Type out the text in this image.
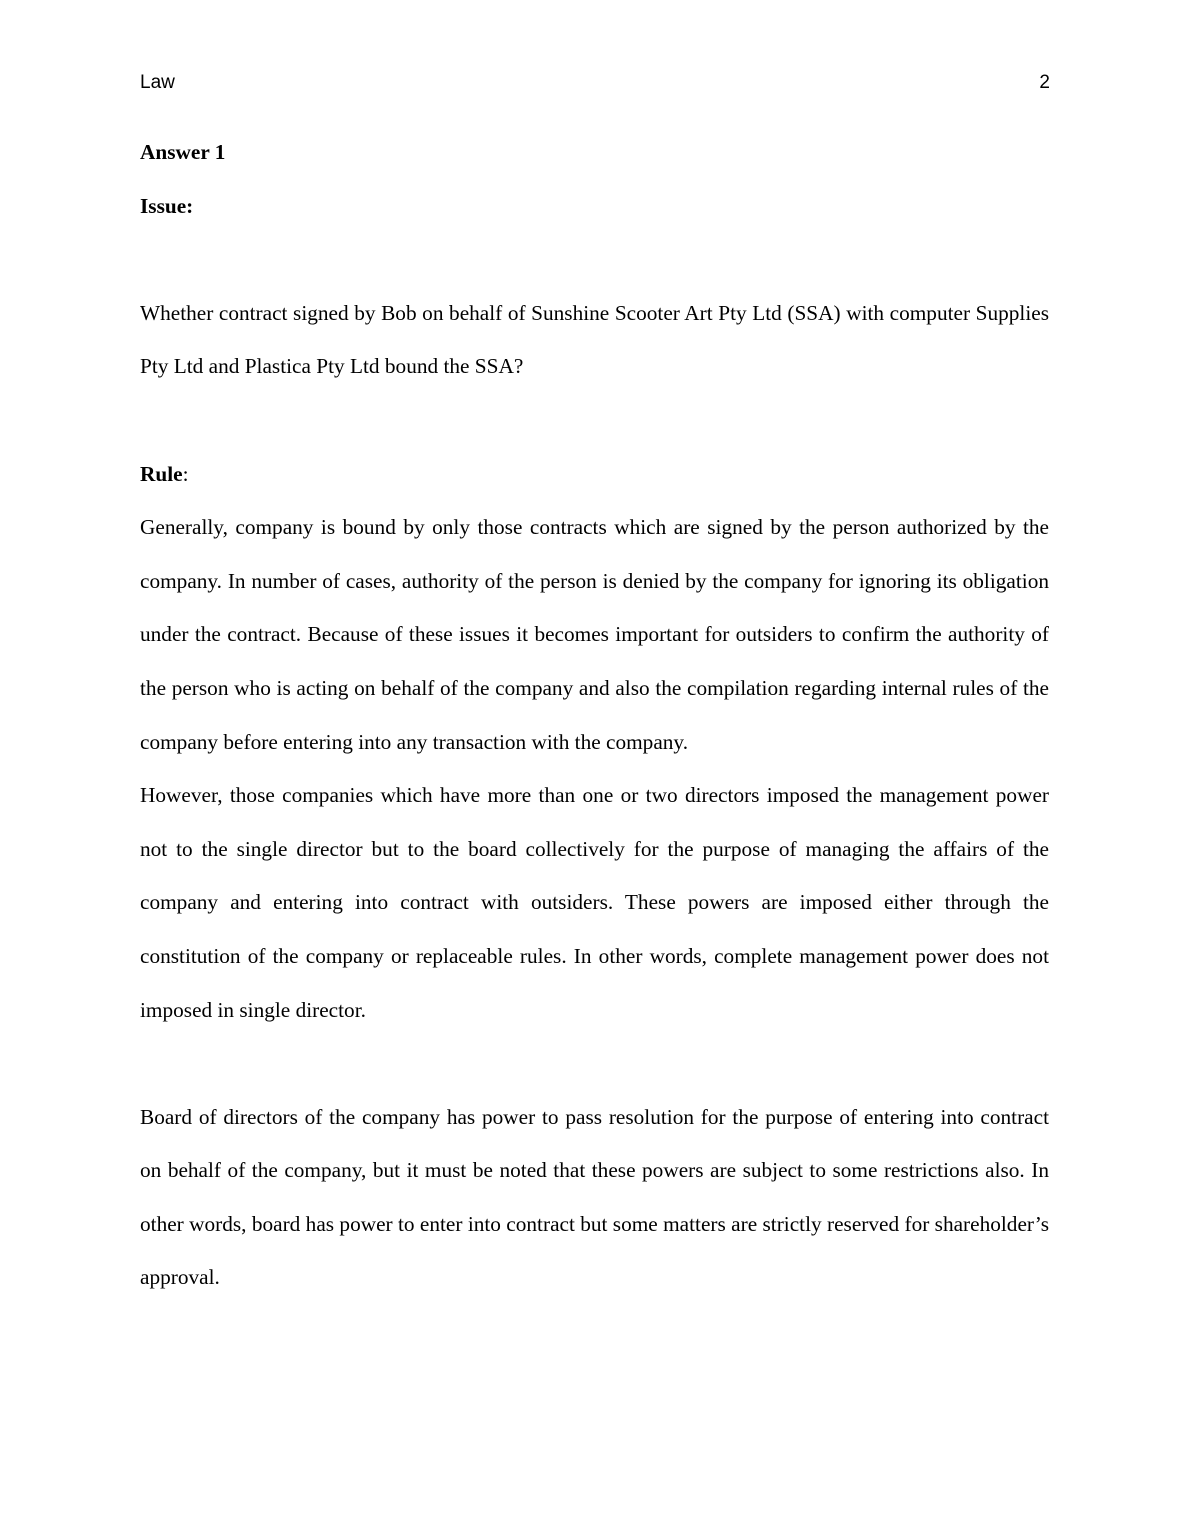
Law	2

Answer 1

Issue:

Whether contract signed by Bob on behalf of Sunshine Scooter Art Pty Ltd (SSA) with computer Supplies Pty Ltd and Plastica Pty Ltd bound the SSA?

Rule:

Generally, company is bound by only those contracts which are signed by the person authorized by the company. In number of cases, authority of the person is denied by the company for ignoring its obligation under the contract. Because of these issues it becomes important for outsiders to confirm the authority of the person who is acting on behalf of the company and also the compilation regarding internal rules of the company before entering into any transaction with the company.

However, those companies which have more than one or two directors imposed the management power not to the single director but to the board collectively for the purpose of managing the affairs of the company and entering into contract with outsiders. These powers are imposed either through the constitution of the company or replaceable rules. In other words, complete management power does not imposed in single director.

Board of directors of the company has power to pass resolution for the purpose of entering into contract on behalf of the company, but it must be noted that these powers are subject to some restrictions also. In other words, board has power to enter into contract but some matters are strictly reserved for shareholder’s approval.
